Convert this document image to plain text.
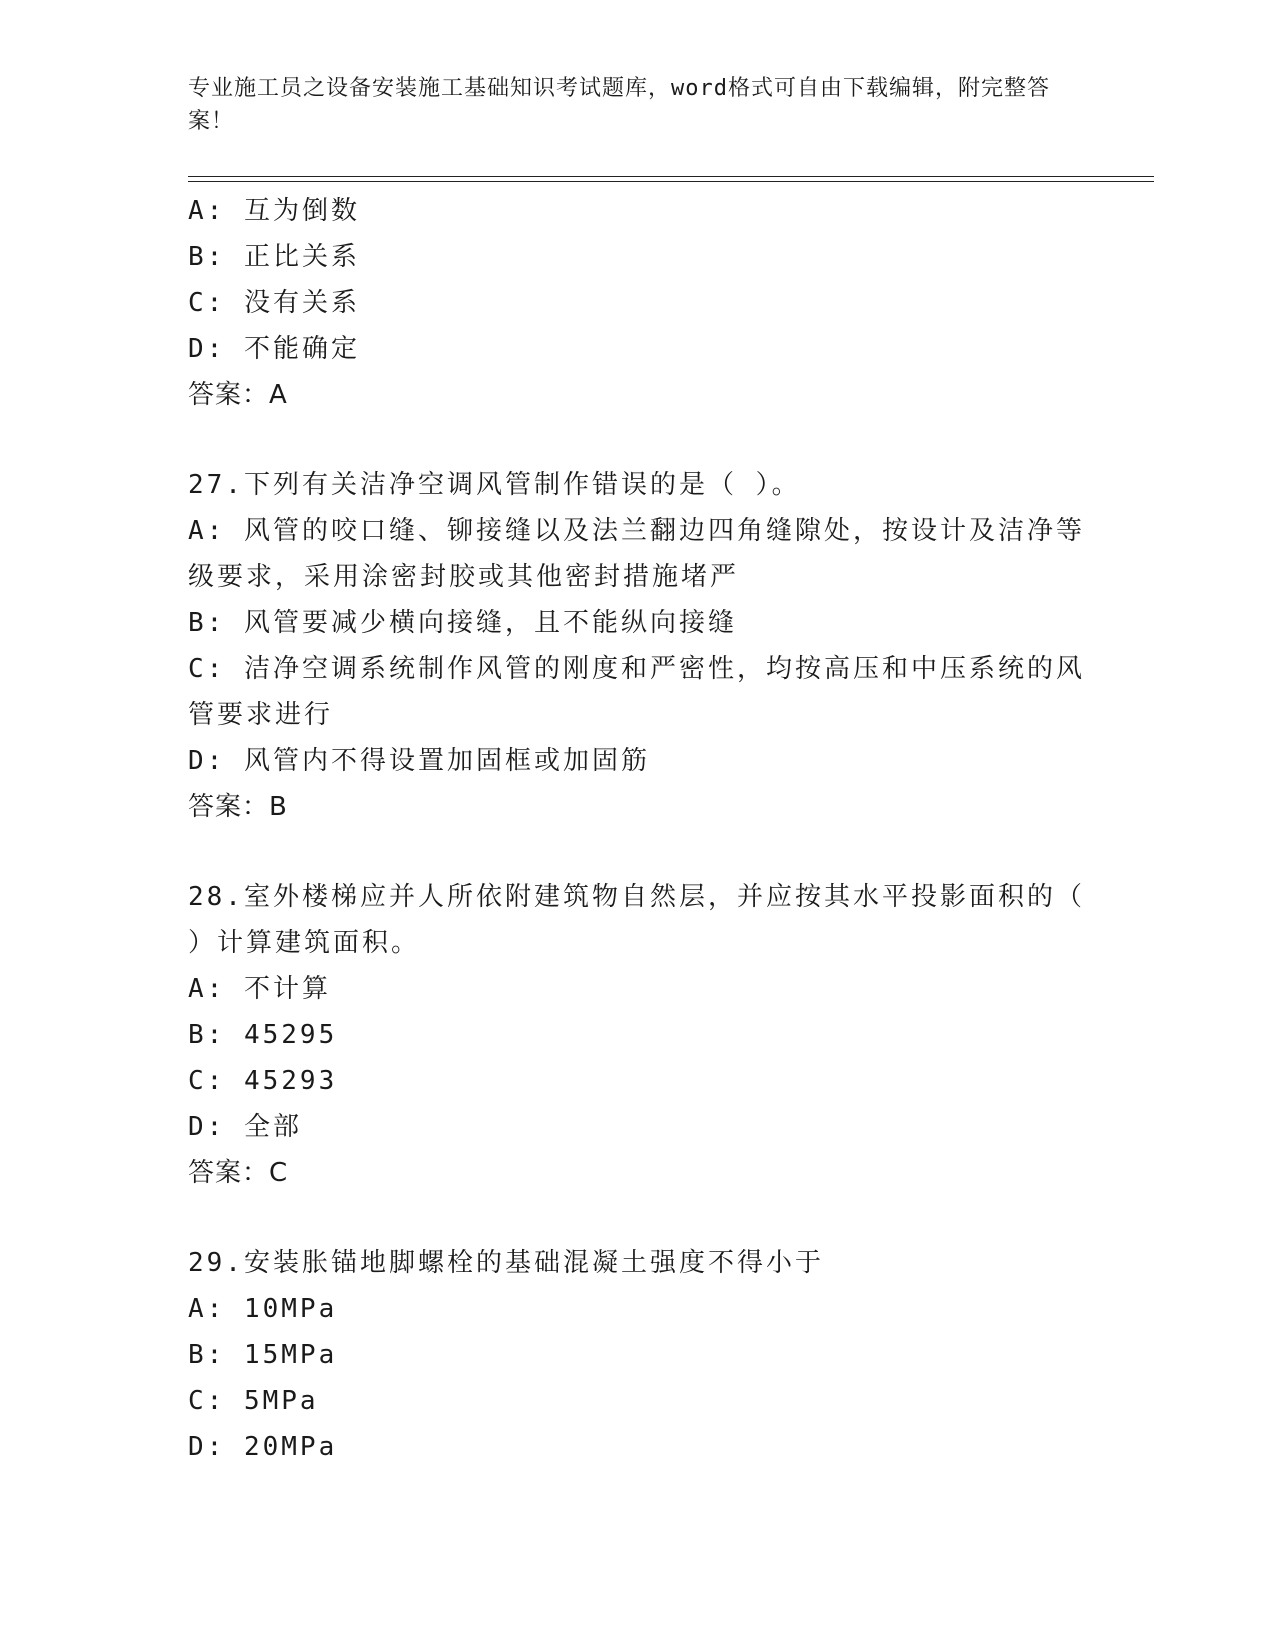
专业施工员之设备安装施工基础知识考试题库，word格式可自由下载编辑，附完整答案！
A: 互为倒数
B: 正比关系
C: 没有关系
D: 不能确定
答案：A
27.下列有关洁净空调风管制作错误的是（ ）。
A: 风管的咬口缝、铆接缝以及法兰翻边四角缝隙处，按设计及洁净等级要求，采用涂密封胶或其他密封措施堵严
B: 风管要减少横向接缝，且不能纵向接缝
C: 洁净空调系统制作风管的刚度和严密性，均按高压和中压系统的风管要求进行
D: 风管内不得设置加固框或加固筋
答案：B
28.室外楼梯应并人所依附建筑物自然层，并应按其水平投影面积的（ ）计算建筑面积。
A: 不计算
B: 45295
C: 45293
D: 全部
答案：C
29.安装胀锚地脚螺栓的基础混凝土强度不得小于
A: 10MPa
B: 15MPa
C: 5MPa
D: 20MPa
